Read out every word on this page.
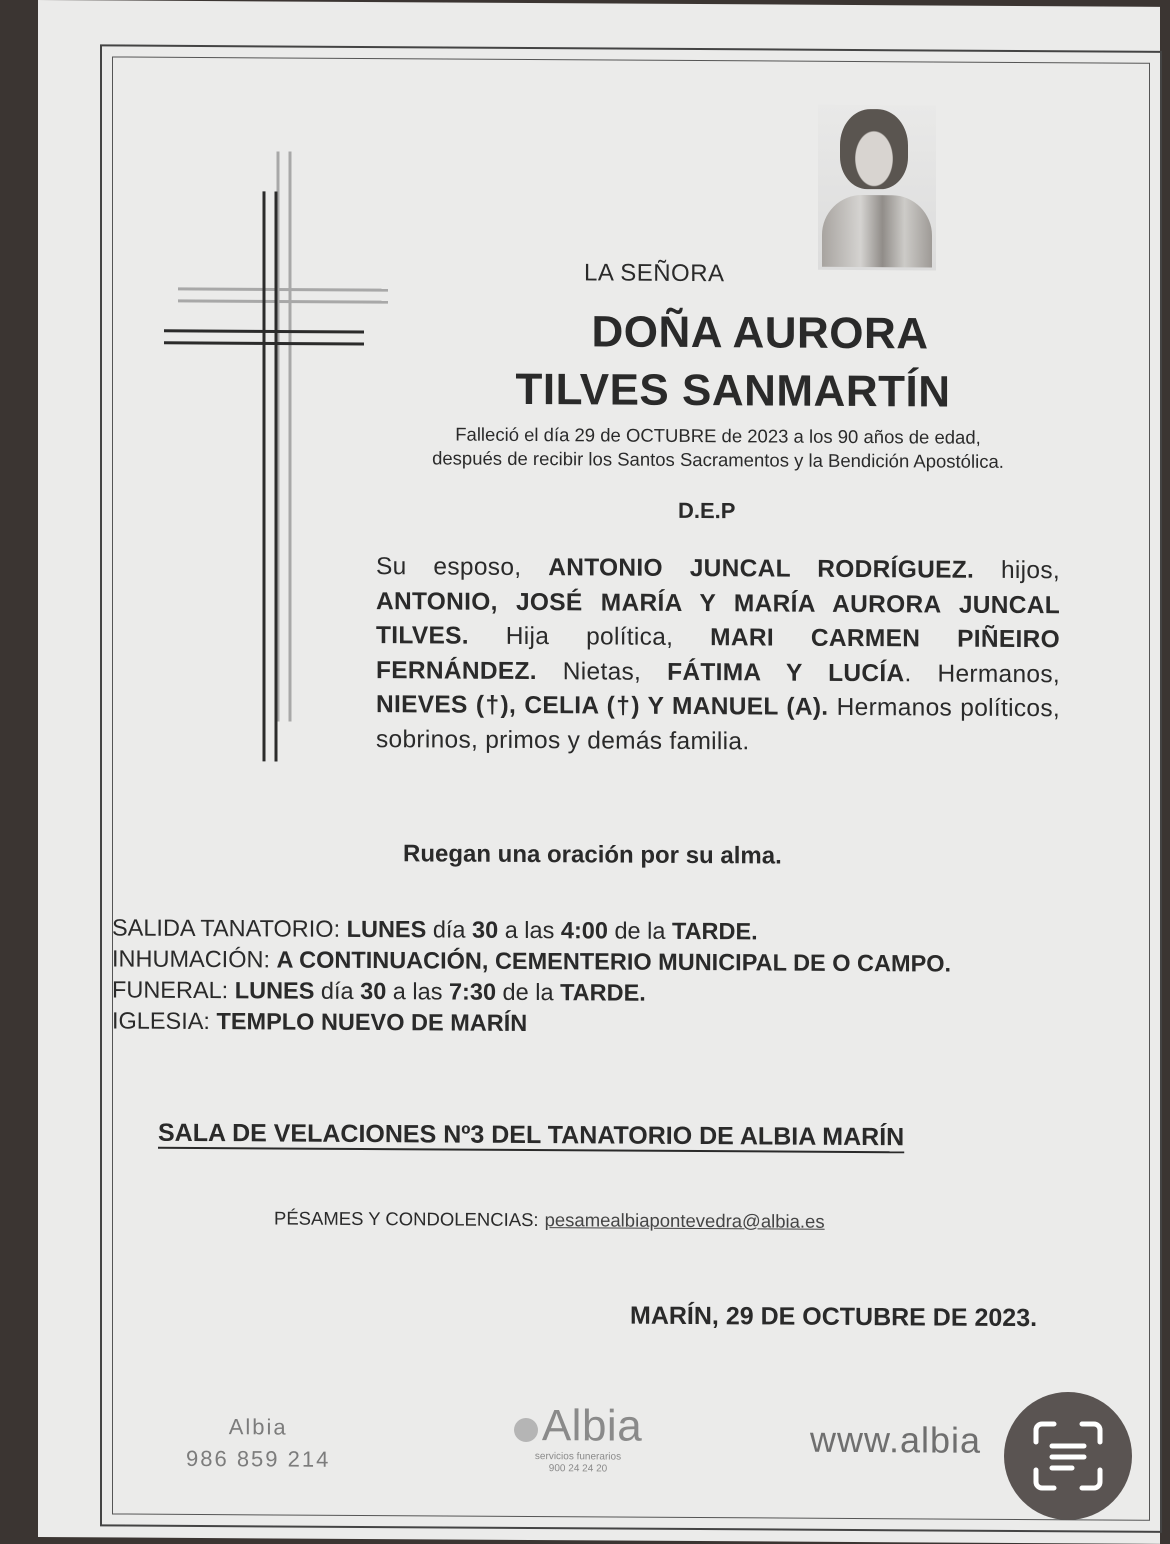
LA SEÑORA
DOÑA AURORA
TILVES SANMARTÍN
Falleció el día 29 de OCTUBRE de 2023 a los 90 años de edad,
después de recibir los Santos Sacramentos y la Bendición Apostólica.
D.E.P
Su esposo, ANTONIO JUNCAL RODRÍGUEZ. hijos, ANTONIO, JOSÉ MARÍA Y MARÍA AURORA JUNCAL TILVES. Hija política, MARI CARMEN PIÑEIRO FERNÁNDEZ. Nietas, FÁTIMA Y LUCÍA. Hermanos, NIEVES (†), CELIA (†) Y MANUEL (A). Hermanos políticos, sobrinos, primos y demás familia.
Ruegan una oración por su alma.
SALIDA TANATORIO: LUNES día 30 a las 4:00 de la TARDE.
INHUMACIÓN: A CONTINUACIÓN, CEMENTERIO MUNICIPAL DE O CAMPO.
FUNERAL: LUNES día 30 a las 7:30 de la TARDE.
IGLESIA: TEMPLO NUEVO DE MARÍN
SALA DE VELACIONES Nº3 DEL TANATORIO DE ALBIA MARÍN
PÉSAMES Y CONDOLENCIAS: pesamealbiapontevedra@albia.es
MARÍN, 29 DE OCTUBRE DE 2023.
Albia
986 859 214
Albia
servicios funerarios
900 24 24 20
www.albia
